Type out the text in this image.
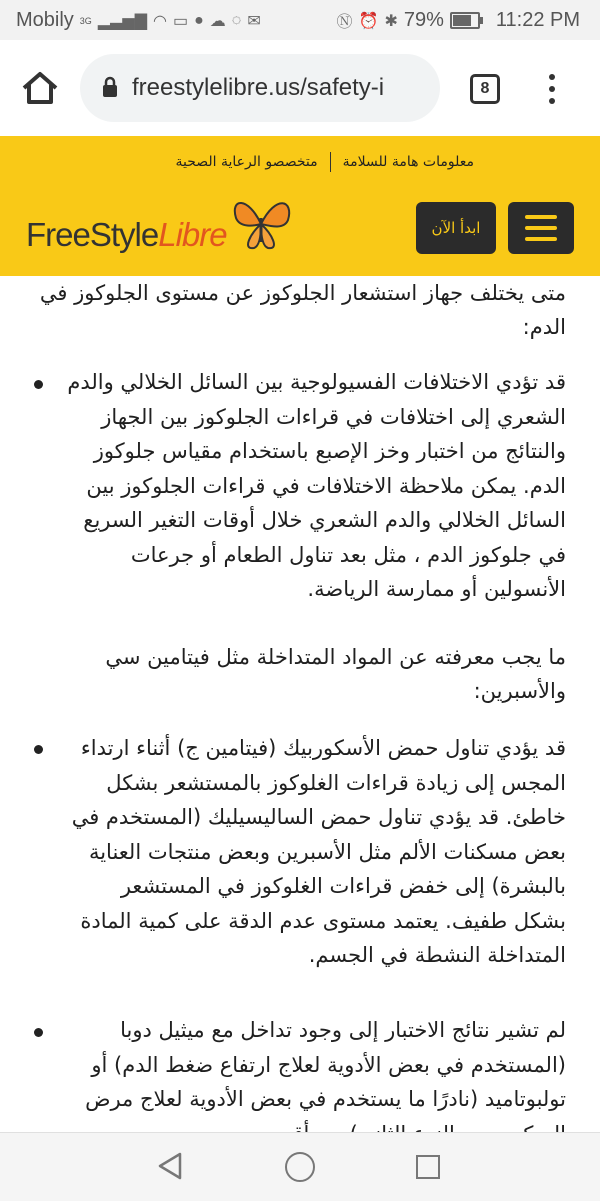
Mobily 3G ▂▃▅▇ ◠ ▭ ● ☁ ◌ ✉	Ⓝ ⏰ ✱ 79%	11:22 PM
freestylelibre.us/safety-i	8
معلومات هامة للسلامة
متخصصو الرعاية الصحية
FreeStyleLibre	ابدأ الآن

متى يختلف جهاز استشعار الجلوكوز عن مستوى الجلوكوز في الدم:

قد تؤدي الاختلافات الفسيولوجية بين السائل الخلالي والدم الشعري إلى اختلافات في قراءات الجلوكوز بين الجهاز والنتائج من اختبار وخز الإصبع باستخدام مقياس جلوكوز الدم. يمكن ملاحظة الاختلافات في قراءات الجلوكوز بين السائل الخلالي والدم الشعري خلال أوقات التغير السريع في جلوكوز الدم ، مثل بعد تناول الطعام أو جرعات الأنسولين أو ممارسة الرياضة.

ما يجب معرفته عن المواد المتداخلة مثل فيتامين سي والأسبرين:

قد يؤدي تناول حمض الأسكوربيك (فيتامين ج) أثناء ارتداء المجس إلى زيادة قراءات الغلوكوز بالمستشعر بشكل خاطئ. قد يؤدي تناول حمض الساليسيليك (المستخدم في بعض مسكنات الألم مثل الأسبرين وبعض منتجات العناية بالبشرة) إلى خفض قراءات الغلوكوز في المستشعر بشكل طفيف. يعتمد مستوى عدم الدقة على كمية المادة المتداخلة النشطة في الجسم.

لم تشير نتائج الاختبار إلى وجود تداخل مع ميثيل دوبا (المستخدم في بعض الأدوية لعلاج ارتفاع ضغط الدم) أو تولبوتاميد (نادرًا ما يستخدم في بعض الأدوية لعلاج مرض
